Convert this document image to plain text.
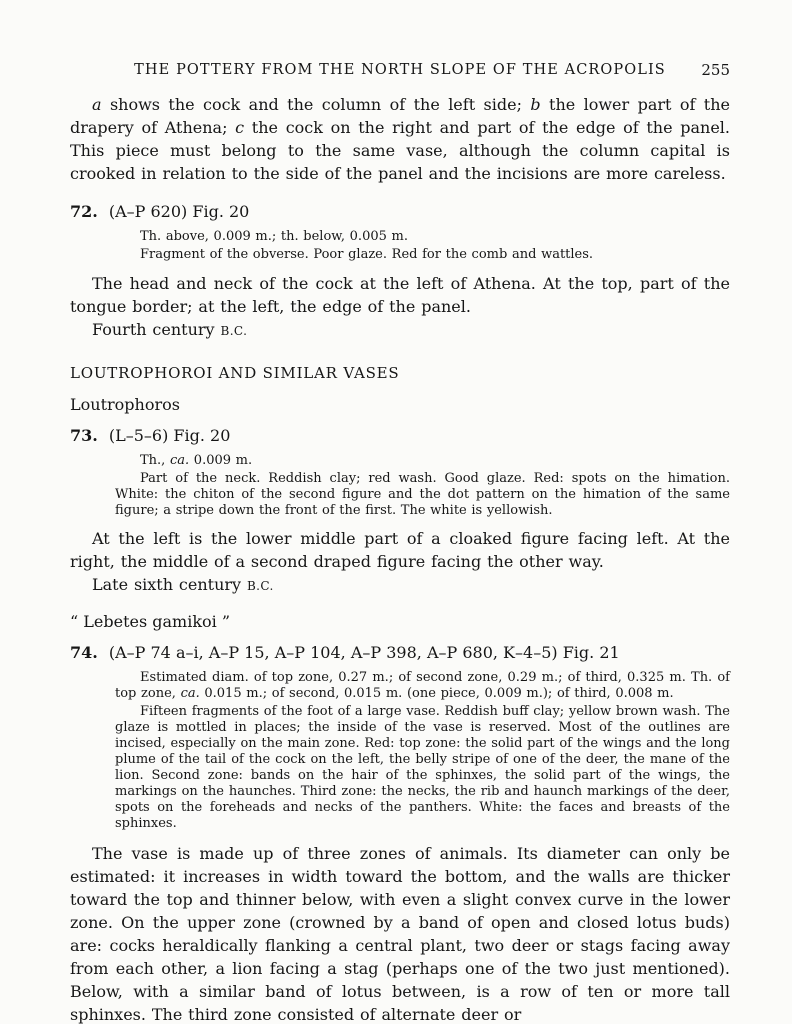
THE POTTERY FROM THE NORTH SLOPE OF THE ACROPOLIS 255

a shows the cock and the column of the left side; b the lower part of the drapery of Athena; c the cock on the right and part of the edge of the panel. This piece must belong to the same vase, although the column capital is crooked in relation to the side of the panel and the incisions are more careless.

72. (A–P 620) Fig. 20

Th. above, 0.009 m.; th. below, 0.005 m.

Fragment of the obverse. Poor glaze. Red for the comb and wattles.

The head and neck of the cock at the left of Athena. At the top, part of the tongue border; at the left, the edge of the panel.

Fourth century B.C.

LOUTROPHOROI AND SIMILAR VASES

Loutrophoros

73. (L–5–6) Fig. 20

Th., ca. 0.009 m.

Part of the neck. Reddish clay; red wash. Good glaze. Red: spots on the himation. White: the chiton of the second figure and the dot pattern on the himation of the same figure; a stripe down the front of the first. The white is yellowish.

At the left is the lower middle part of a cloaked figure facing left. At the right, the middle of a second draped figure facing the other way.

Late sixth century B.C.

“ Lebetes gamikoi ”

74. (A–P 74 a–i, A–P 15, A–P 104, A–P 398, A–P 680, K–4–5) Fig. 21

Estimated diam. of top zone, 0.27 m.; of second zone, 0.29 m.; of third, 0.325 m. Th. of top zone, ca. 0.015 m.; of second, 0.015 m. (one piece, 0.009 m.); of third, 0.008 m.

Fifteen fragments of the foot of a large vase. Reddish buff clay; yellow brown wash. The glaze is mottled in places; the inside of the vase is reserved. Most of the outlines are incised, especially on the main zone. Red: top zone: the solid part of the wings and the long plume of the tail of the cock on the left, the belly stripe of one of the deer, the mane of the lion. Second zone: bands on the hair of the sphinxes, the solid part of the wings, the markings on the haunches. Third zone: the necks, the rib and haunch markings of the deer, spots on the foreheads and necks of the panthers. White: the faces and breasts of the sphinxes.

The vase is made up of three zones of animals. Its diameter can only be estimated: it increases in width toward the bottom, and the walls are thicker toward the top and thinner below, with even a slight convex curve in the lower zone. On the upper zone (crowned by a band of open and closed lotus buds) are: cocks heraldically flanking a central plant, two deer or stags facing away from each other, a lion facing a stag (perhaps one of the two just mentioned). Below, with a similar band of lotus between, is a row of ten or more tall sphinxes. The third zone consisted of alternate deer or
